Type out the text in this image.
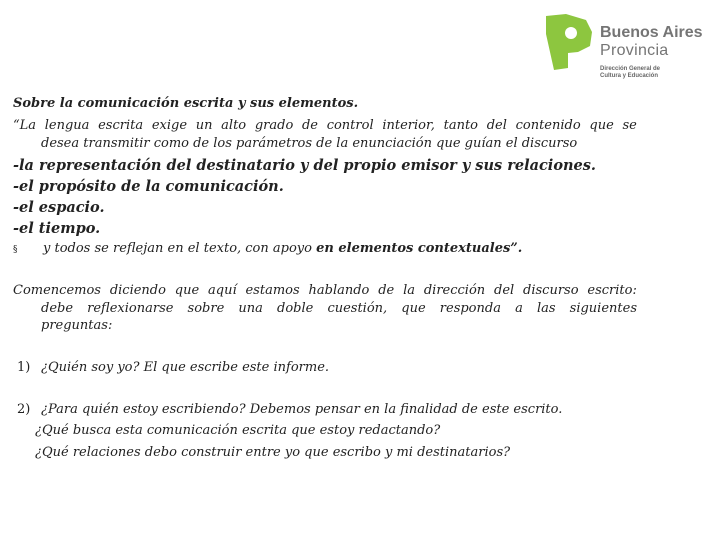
Buenos Aires
Provincia
Dirección General de
Cultura y Educación
Sobre la comunicación escrita y sus elementos.
“La lengua escrita exige un alto grado de control interior, tanto del contenido que se
desea transmitir como de los parámetros de la enunciación que guían el discurso
-la representación del destinatario y del propio emisor y sus relaciones.
-el propósito de la comunicación.
-el espacio.
-el tiempo.
§ y todos se reflejan en el texto, con apoyo en elementos contextuales”.
Comencemos diciendo que aquí estamos hablando de la dirección del discurso escrito:
debe reflexionarse sobre una doble cuestión, que responda a las siguientes
preguntas:
1) ¿Quién soy yo? El que escribe este informe.
2) ¿Para quién estoy escribiendo? Debemos pensar en la finalidad de este escrito.
¿Qué busca esta comunicación escrita que estoy redactando?
¿Qué relaciones debo construir entre yo que escribo y mi destinatarios?
